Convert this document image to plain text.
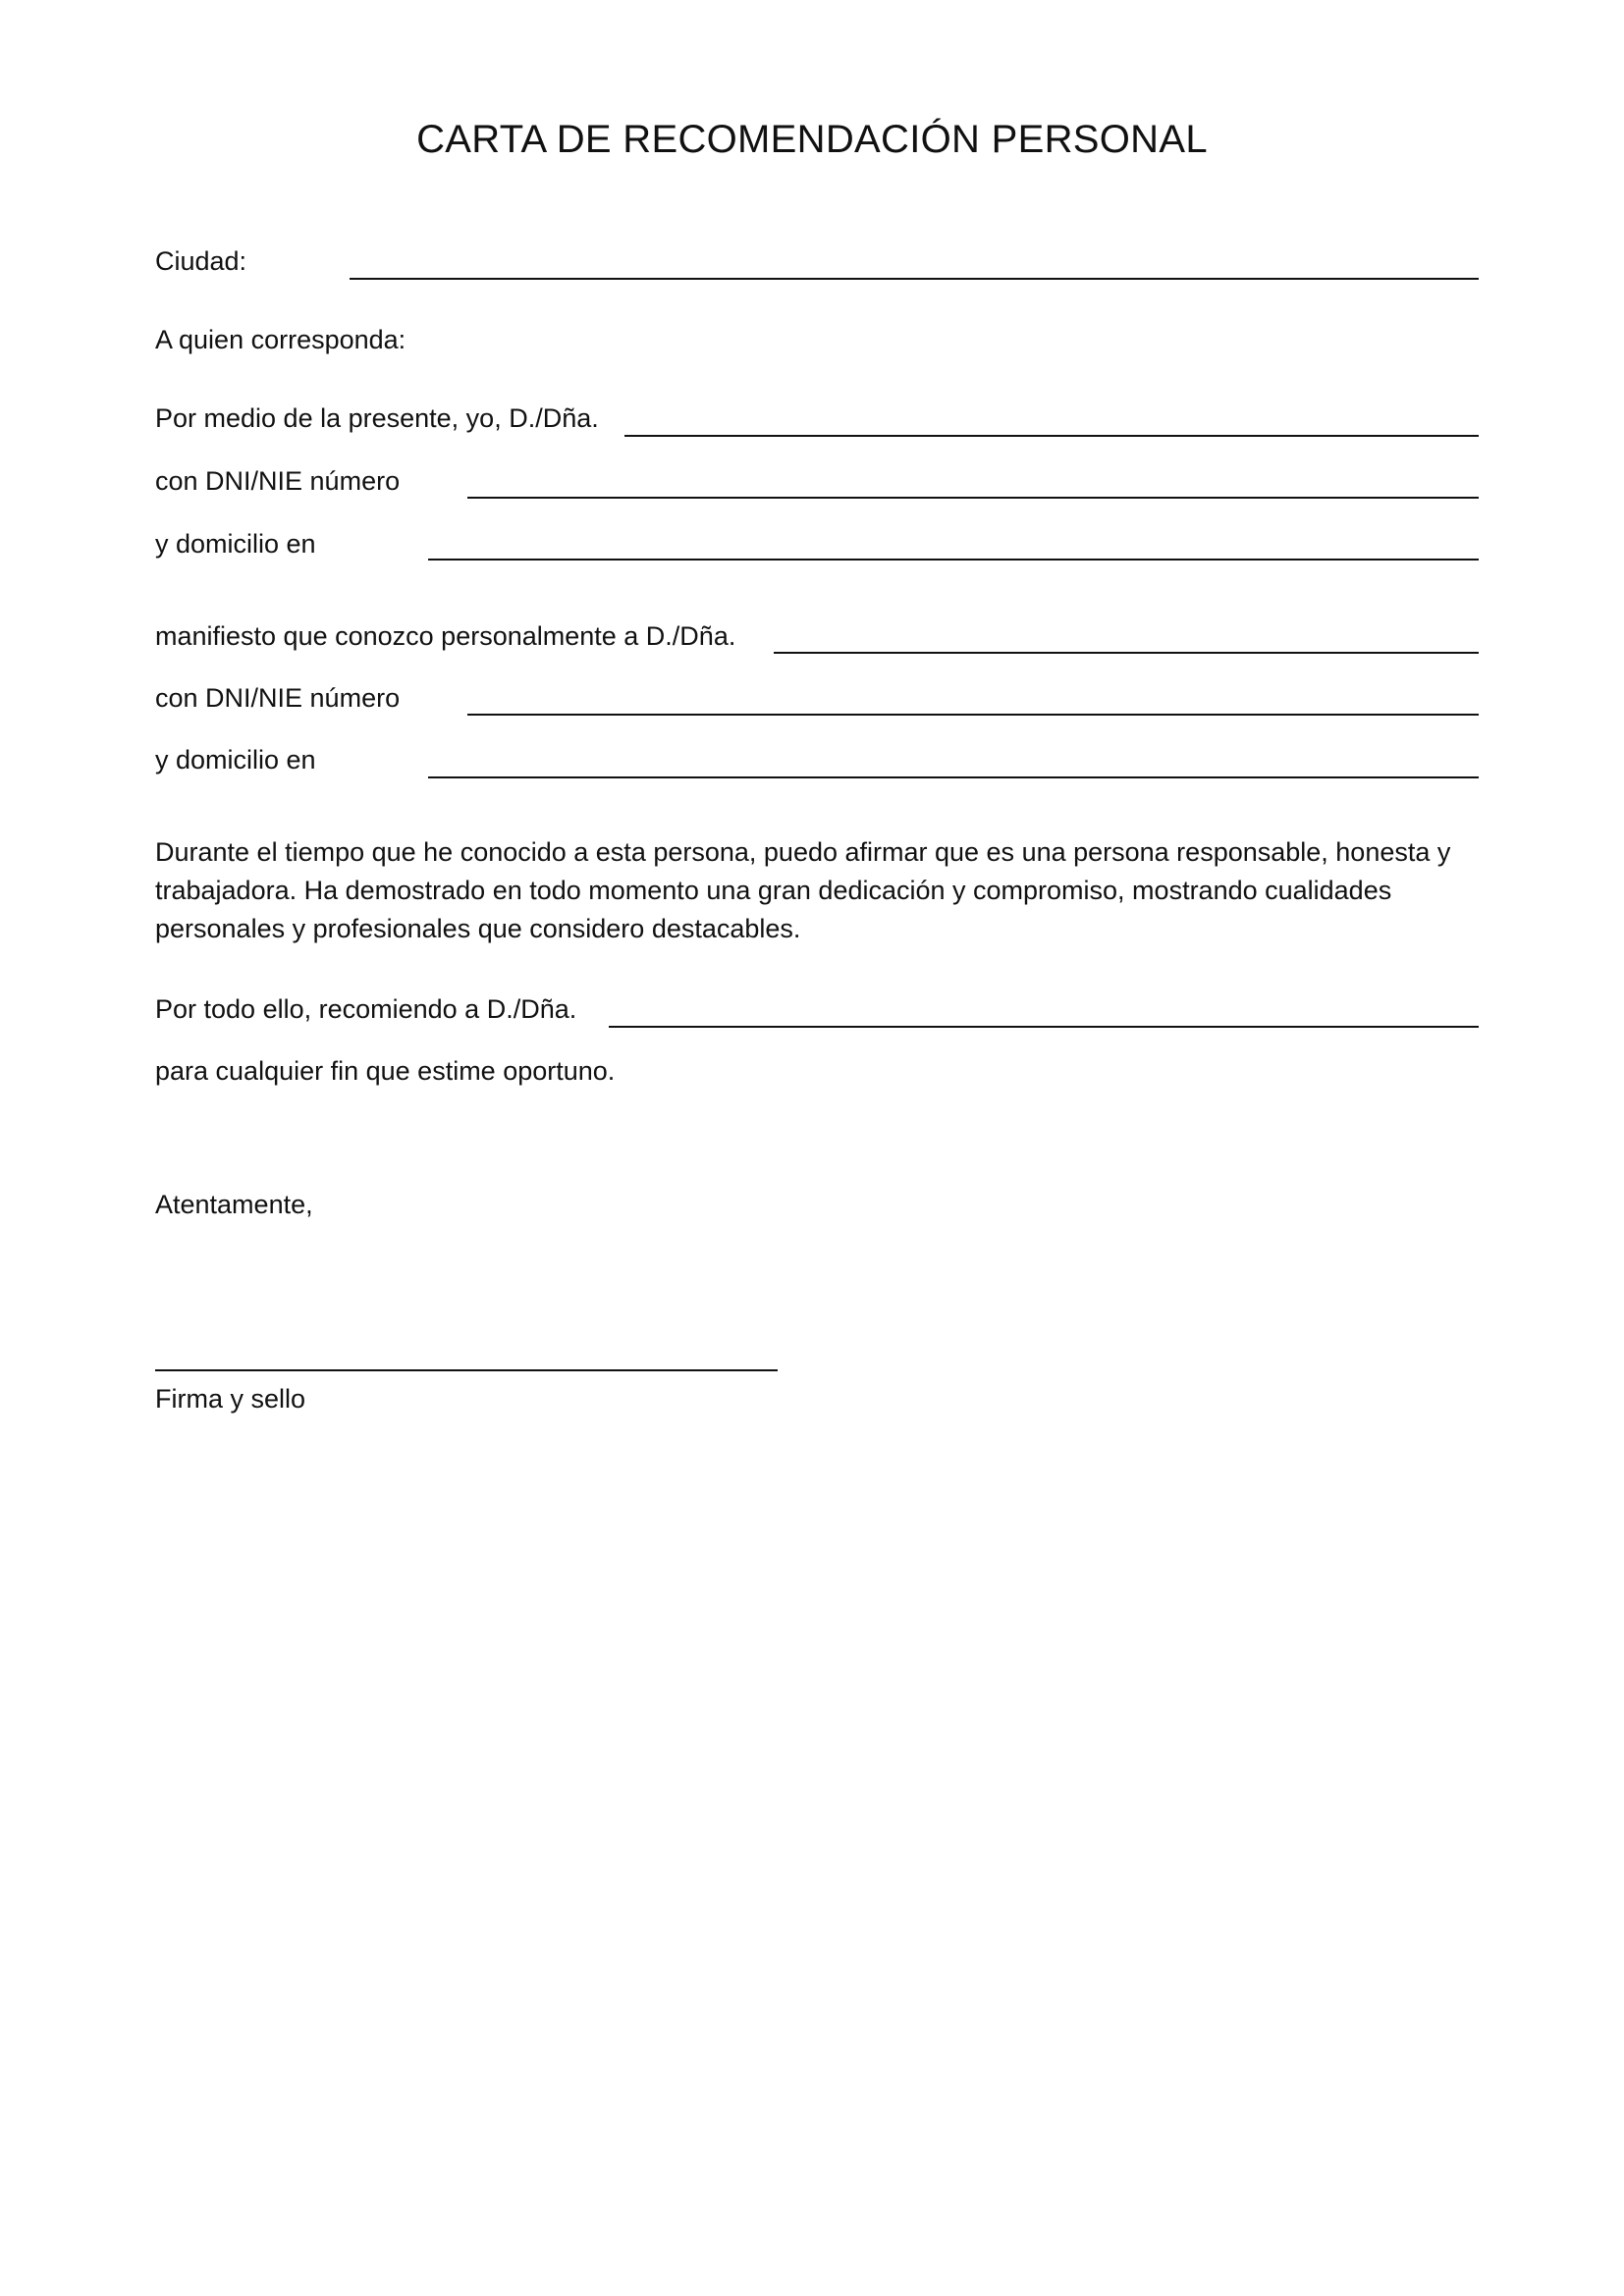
CARTA DE RECOMENDACIÓN PERSONAL
Ciudad:
A quien corresponda:
Por medio de la presente, yo, D./Dña.
con DNI/NIE número
y domicilio en
manifiesto que conozco personalmente a D./Dña.
con DNI/NIE número
y domicilio en
Durante el tiempo que he conocido a esta persona, puedo afirmar que es una persona responsable, honesta y trabajadora. Ha demostrado en todo momento una gran dedicación y compromiso, mostrando cualidades personales y profesionales que considero destacables.
Por todo ello, recomiendo a D./Dña.
para cualquier fin que estime oportuno.
Atentamente,
Firma y sello
